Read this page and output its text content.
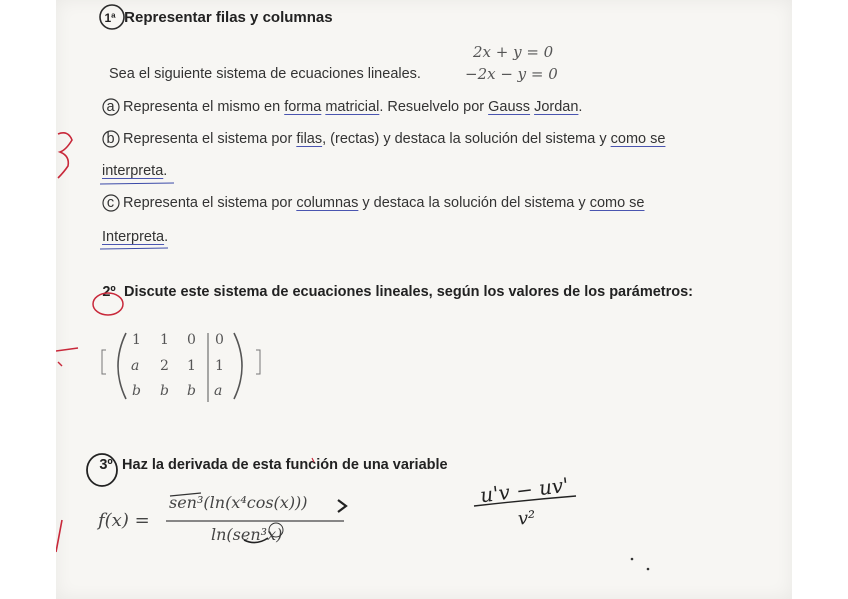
1ª Representar filas y columnas
2x + y = 0
Sea el siguiente sistema de ecuaciones lineales.	−2x − y = 0
a Representa el mismo en forma matricial. Resuelvelo por Gauss Jordan.
b Representa el sistema por filas, (rectas) y destaca la solución del sistema y como se
interpreta.
c Representa el sistema por columnas y destaca la solución del sistema y como se
Interpreta.
2º Discute este sistema de ecuaciones lineales, según los valores de los parámetros:
1 1 0 0
a 2 1 1
b b b a
3º Haz la derivada de esta función de una variable
f(x) =
sen³(ln(x⁴cos(x)))
ln(sen³x)
u'v − uv'
v²
